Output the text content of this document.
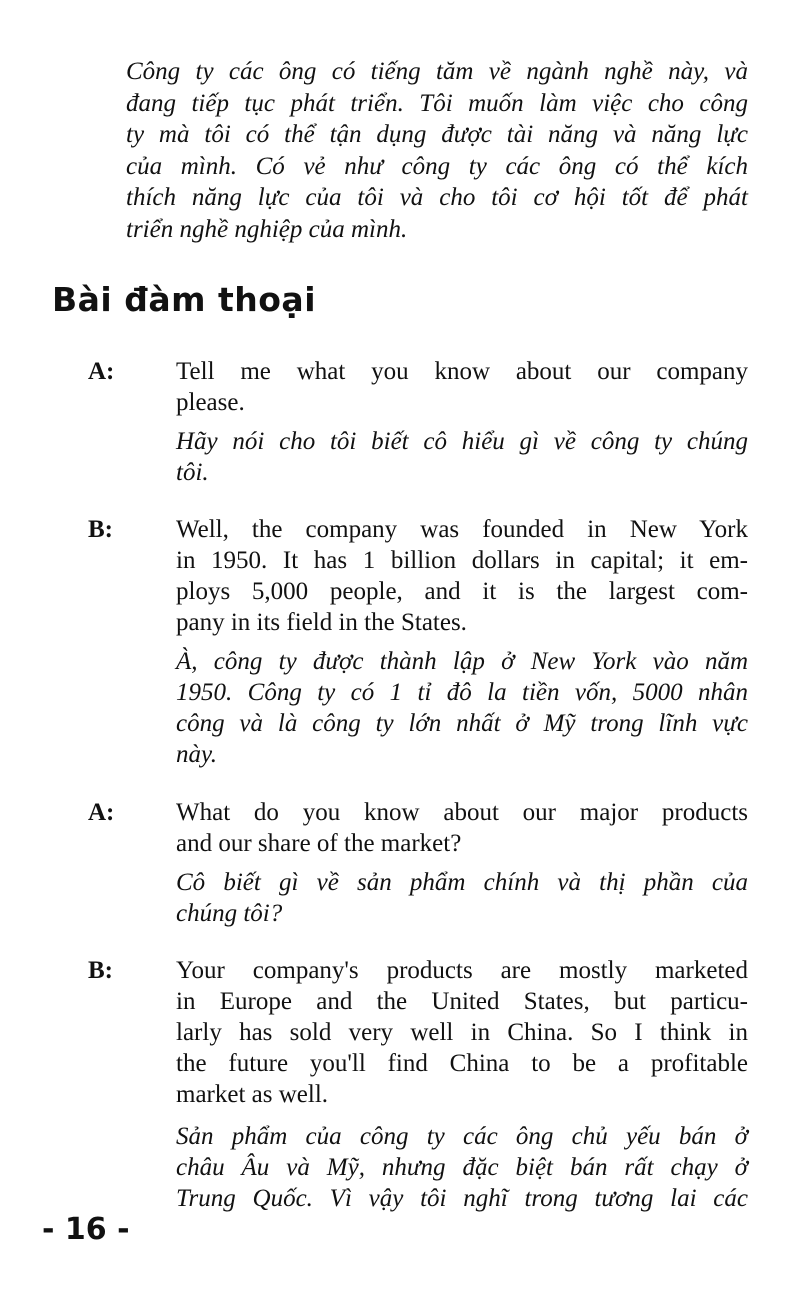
Công ty các ông có tiếng tăm về ngành nghề này, và
đang tiếp tục phát triển. Tôi muốn làm việc cho công
ty mà tôi có thể tận dụng được tài năng và năng lực
của mình. Có vẻ như công ty các ông có thể kích
thích năng lực của tôi và cho tôi cơ hội tốt để phát
triển nghề nghiệp của mình.
Bài đàm thoại
A: Tell me what you know about our company
please.
Hãy nói cho tôi biết cô hiểu gì về công ty chúng
tôi.
B:	Well, the company was founded in New York
in 1950. It has 1 billion dollars in capital; it em-
ploys 5,000 people, and it is the largest com-
pany in its field in the States.
À, công ty được thành lập ở New York vào năm
1950. Công ty có 1 tỉ đô la tiền vốn, 5000 nhân
công và là công ty lớn nhất ở Mỹ trong lĩnh vực
này.
A: What do you know about our major products
and our share of the market?
Cô biết gì về sản phẩm chính và thị phần của
chúng tôi?
B:	Your company's products are mostly marketed
in Europe and the United States, but particu-
larly has sold very well in China. So I think in
the future you'll find China to be a profitable
market as well.
Sản phẩm của công ty các ông chủ yếu bán ở
châu Âu và Mỹ, nhưng đặc biệt bán rất chạy ở
Trung Quốc. Vì vậy tôi nghĩ trong tương lai các
- 16 -
